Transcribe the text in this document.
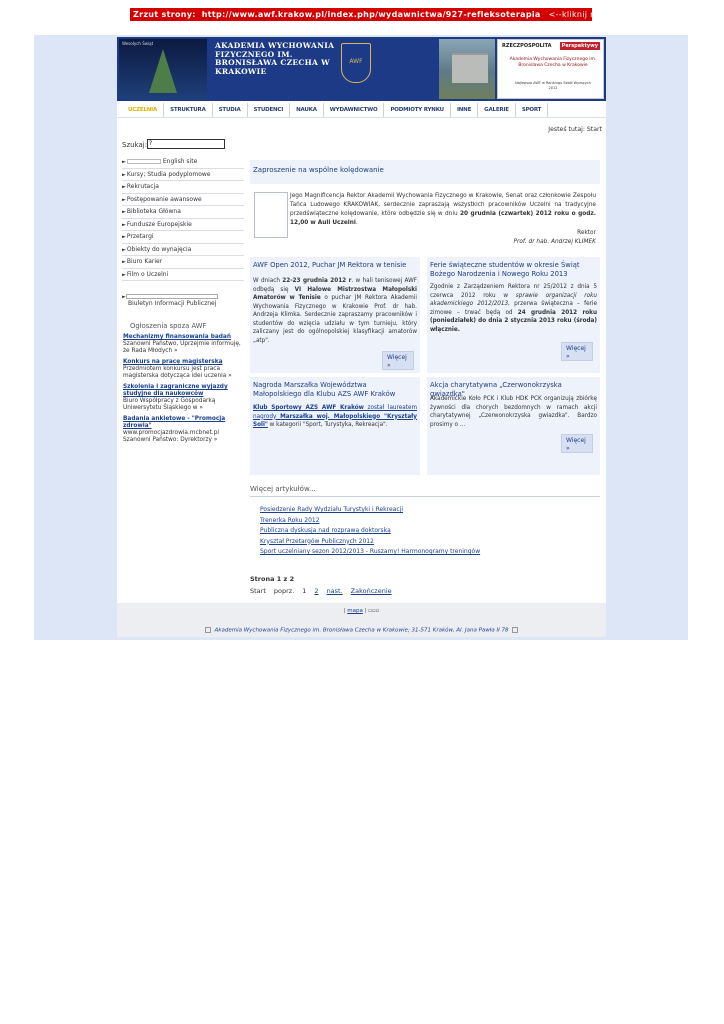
Zrzut strony: http://www.awf.krakow.pl/index.php/wydawnictwa/927-refleksoterapia <--kliknij na adresie
Wesołych Świąt	AKADEMIA WYCHOWANIA FIZYCZNEGO IM. BRONISŁAWA CZECHA W KRAKOWIE
AWF
RZECZPOSPOLITA	Perspektywy
Akademia Wychowania Fizycznego im. Bronisława Czecha w Krakowie
Najlepsza AWF w Rankingu Szkół Wyższych 2012
UCZELNIA	STRUKTURA	STUDIA	STUDENCI	NAUKA	WYDAWNICTWO	PODMIOTY RYNKU	INNE	GALERIE	SPORT
Jesteś tutaj: Start
Szukaj: ?
►	English site
►Kursy; Studia podyplomowe
►Rekrutacja
►Postępowanie awansowe
►Biblioteka Główna
►Fundusze Europejskie
►Przetargi
►Obiekty do wynajęcia
►Biuro Karier
►Film o Uczelni
►
Biuletyn Informacji Publicznej
Ogłoszenia spoza AWF
Mechanizmy finansowania badań
Szanowni Państwo, Uprzejmie informuję, że Rada Młodych »
Konkurs na pracę magisterską
Przedmiotem konkursu jest praca magisterska dotycząca idei uczenia »
Szkolenia i zagraniczne wyjazdy studyjne dla naukowców
Biuro Współpracy z Gospodarką Uniwersytetu Śląskiego w »
Badania ankietowe - "Promocja zdrowia"
www.promocjazdrowia.mcbnet.pl Szanowni Państwo: Dyrektorzy »
Zaproszenie na wspólne kolędowanie
Jego Magnificencja Rektor Akademii Wychowania Fizycznego w Krakowie, Senat oraz członkowie Zespołu Tańca Ludowego KRAKOWIAK, serdecznie zapraszają wszystkich pracowników Uczelni na tradycyjne przedświąteczne kolędowanie, które odbędzie się w dniu 20 grudnia (czwartek) 2012 roku o godz. 12,00 w Auli Uczelni.
Rektor
Prof. dr hab. Andrzej KLIMEK
AWF Open 2012, Puchar JM Rektora w tenisie
W dniach 22-23 grudnia 2012 r. w hali tenisowej AWF odbędą się VI Halowe Mistrzostwa Małopolski Amatorów w Tenisie o puchar JM Rektora Akademii Wychowania Fizycznego w Krakowie Prof. dr hab. Andrzeja Klimka. Serdecznie zapraszamy pracowników i studentów do wzięcia udziału w tym turnieju, który zaliczany jest do ogólnopolskiej klasyfikacji amatorów „atp".
Więcej »
Ferie świąteczne studentów w okresie Świąt Bożego Narodzenia i Nowego Roku 2013
Zgodnie z Zarządzeniem Rektora nr 25/2012 z dnia 5 czerwca 2012 roku w sprawie organizacji roku akademickiego 2012/2013, przerwa świąteczna – ferie zimowe – trwać będą od 24 grudnia 2012 roku (poniedziałek) do dnia 2 stycznia 2013 roku (środa) włącznie.
Więcej »
Nagroda Marszałka Województwa Małopolskiego dla Klubu AZS AWF Kraków
Klub Sportowy AZS AWF Kraków został laureatem nagrody Marszałka woj. Małopolskiego "Kryształy Soli" w kategorii "Sport, Turystyka, Rekreacja".
Akcja charytatywna „Czerwonokrzyska gwiazdka"
Akademickie Koło PCK i Klub HDK PCK organizują zbiórkę żywności dla chorych bezdomnych w ramach akcji charytatywnej „Czerwonokrzyska gwiazdka". Bardzo prosimy o ...
Więcej »
Więcej artykułów...
Posiedzenie Rady Wydziału Turystyki i Rekreacji
Trenerka Roku 2012
Publiczna dyskusja nad rozprawą doktorską
Kryształ Przetargów Publicznych 2012
Sport uczelniany sezon 2012/2013 - Ruszamy! Harmonogramy treningów
Strona 1 z 2
Start poprz. 1 2 nast. Zakończenie
| mapa | ▫▫▫
Akademia Wychowania Fizycznego im. Bronisława Czecha w Krakowie; 31-571 Kraków, Al. Jana Pawła II 78
